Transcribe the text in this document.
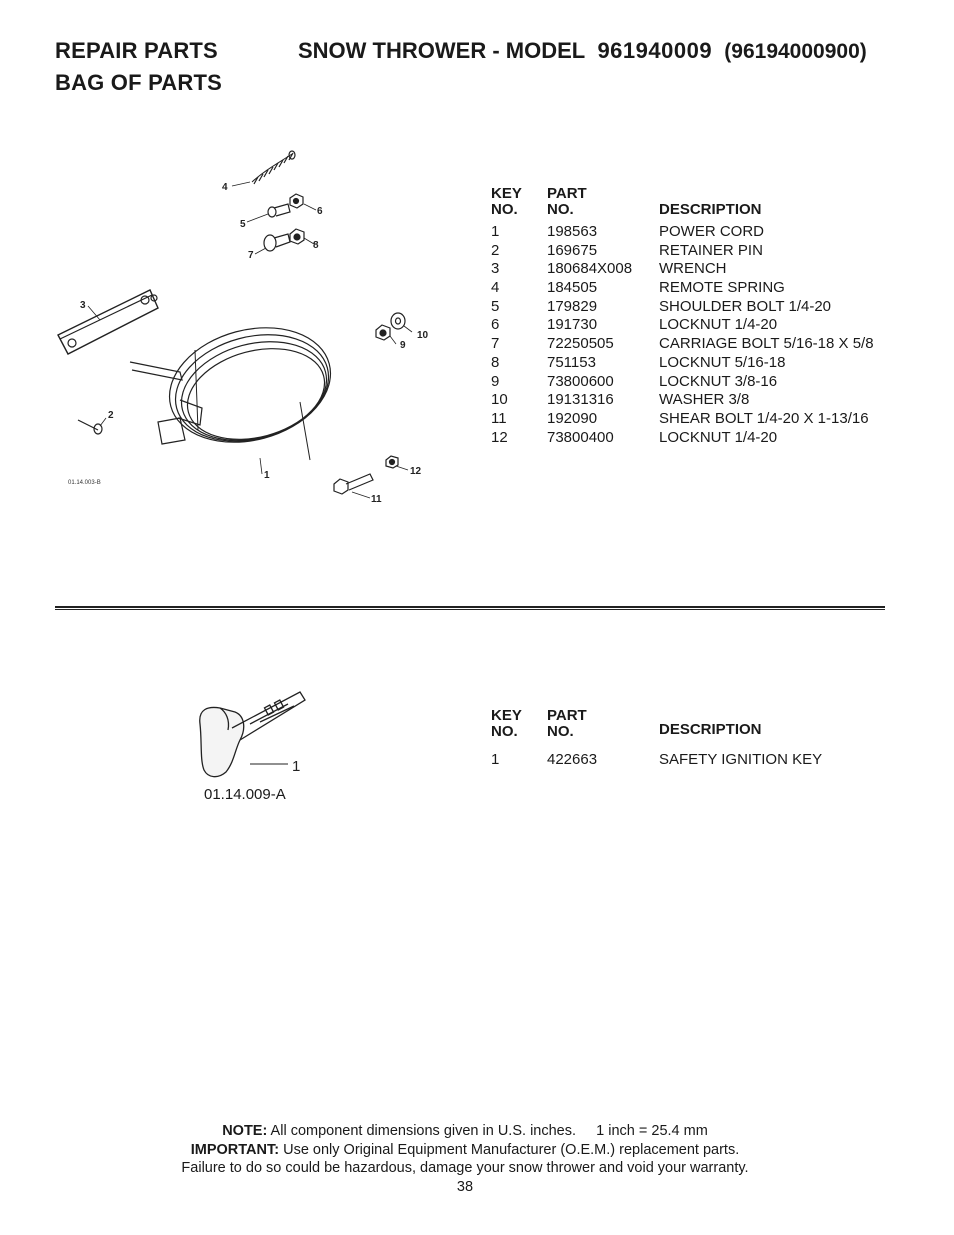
REPAIR PARTS
BAG OF PARTS
SNOW THROWER - MODEL 961940009 (96194000900)
1
2
3
4
5
6
7
8
9
10
11
12
01.14.003-B
KEY
NO.
PART
NO.	DESCRIPTION
1	198563	POWER CORD
2	169675	RETAINER PIN
3	180684X008 WRENCH
4	184505	REMOTE SPRING
5	179829	SHOULDER BOLT 1/4-20
6	191730	LOCKNUT 1/4-20
7	72250505	CARRIAGE BOLT 5/16-18 X 5/8
8	751153	LOCKNUT 5/16-18
9	73800600	LOCKNUT 3/8-16
10	19131316	WASHER 3/8
11	192090	SHEAR BOLT 1/4-20 X 1-13/16
12	73800400	LOCKNUT 1/4-20
1
01.14.009-A
KEY
NO.
PART
NO.	DESCRIPTION
1	422663	SAFETY IGNITION KEY
NOTE: All component dimensions given in U.S. inches. 1 inch = 25.4 mm
IMPORTANT: Use only Original Equipment Manufacturer (O.E.M.) replacement parts.
Failure to do so could be hazardous, damage your snow thrower and void your warranty.
38
